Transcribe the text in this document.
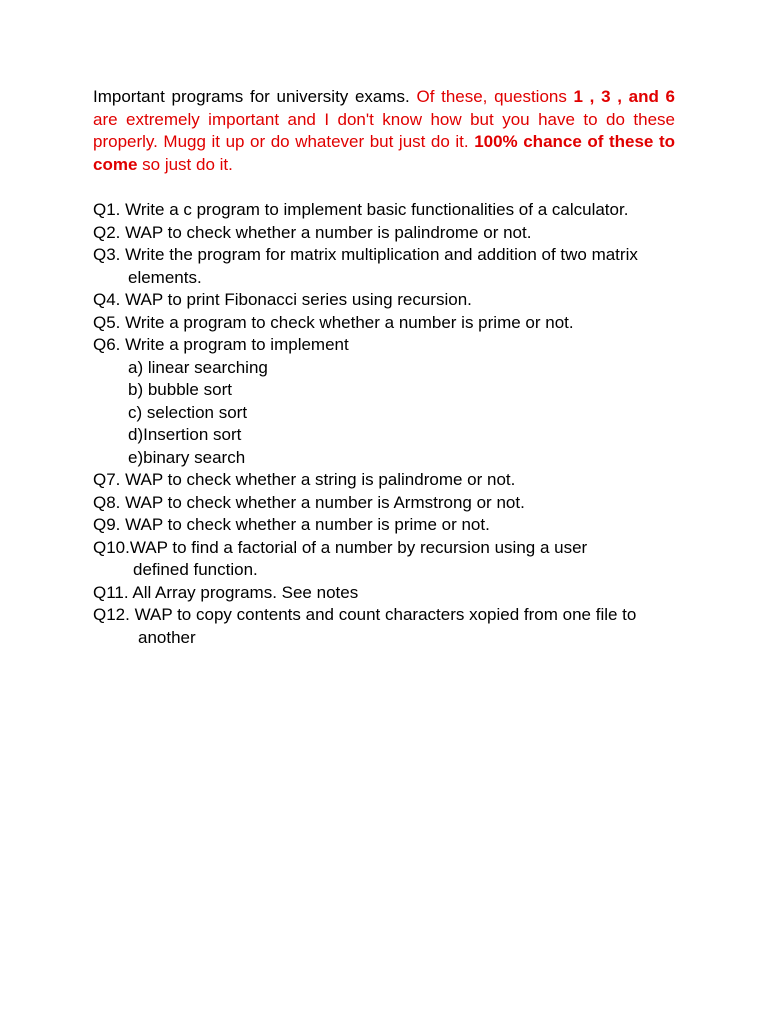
Important programs for university exams. Of these, questions 1 , 3 , and 6 are extremely important and I don't know how but you have to do these properly. Mugg it up or do whatever but just do it. 100% chance of these to come so just do it.

Q1. Write a c program to implement basic functionalities of a calculator.
Q2. WAP to check whether a number is palindrome or not.
Q3. Write the program for matrix multiplication and addition of two matrix
elements.
Q4. WAP to print Fibonacci series using recursion.
Q5. Write a program to check whether a number is prime or not.
Q6. Write a program to implement
a) linear searching
b) bubble sort
c) selection sort
d)Insertion sort
e)binary search
Q7. WAP to check whether a string is palindrome or not.
Q8. WAP to check whether a number is Armstrong or not.
Q9. WAP to check whether a number is prime or not.
Q10.WAP to find a factorial of a number by recursion using a user
defined function.
Q11. All Array programs. See notes
Q12. WAP to copy contents and count characters xopied from one file to
another
